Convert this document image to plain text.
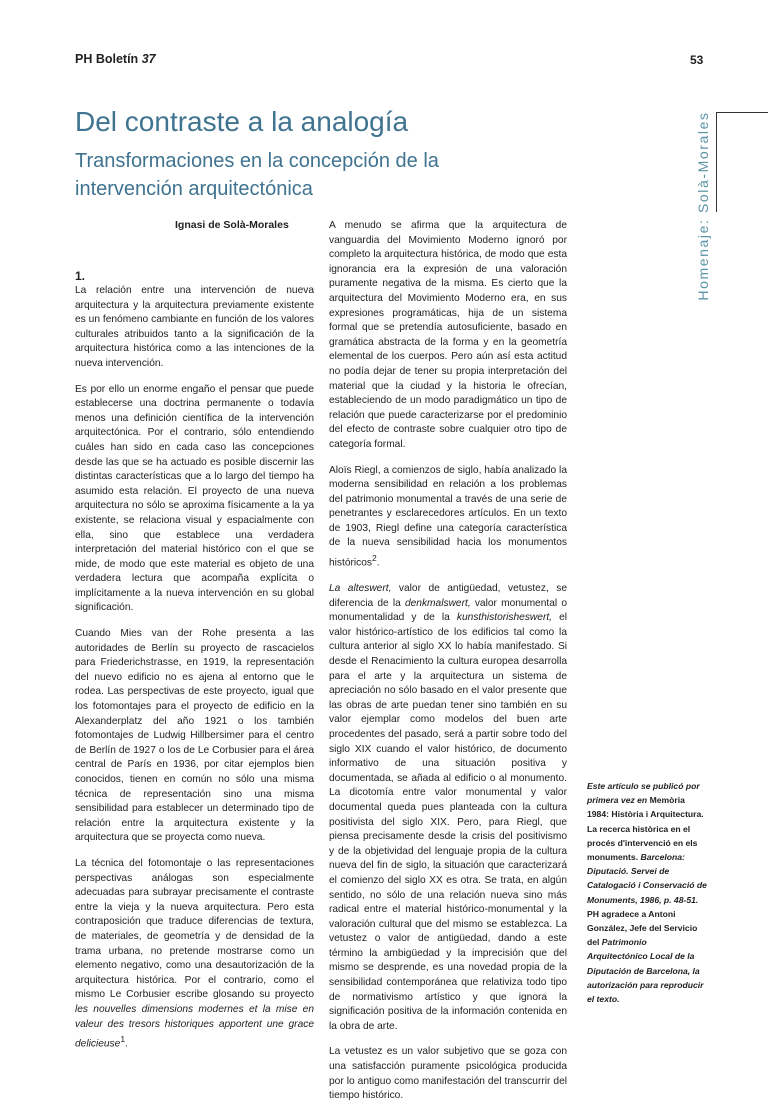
PH Boletín 37	53
Homenaje: Solà-Morales
Del contraste a la analogía
Transformaciones en la concepción de la intervención arquitectónica
Ignasi de Solà-Morales
1.

La relación entre una intervención de nueva arquitectura y la arquitectura previamente existente es un fenómeno cambiante en función de los valores culturales atribuidos tanto a la significación de la arquitectura histórica como a las intenciones de la nueva intervención.

Es por ello un enorme engaño el pensar que puede establecerse una doctrina permanente o todavía menos una definición científica de la intervención arquitectónica. Por el contrario, sólo entendiendo cuáles han sido en cada caso las concepciones desde las que se ha actuado es posible discernir las distintas características que a lo largo del tiempo ha asumido esta relación. El proyecto de una nueva arquitectura no sólo se aproxima físicamente a la ya existente, se relaciona visual y espacialmente con ella, sino que establece una verdadera interpretación del material histórico con el que se mide, de modo que este material es objeto de una verdadera lectura que acompaña explícita o implícitamente a la nueva intervención en su global significación.

Cuando Mies van der Rohe presenta a las autoridades de Berlín su proyecto de rascacielos para Friederichstrasse, en 1919, la representación del nuevo edificio no es ajena al entorno que le rodea. Las perspectivas de este proyecto, igual que los fotomontajes para el proyecto de edificio en la Alexanderplatz del año 1921 o los también fotomontajes de Ludwig Hillbersimer para el centro de Berlín de 1927 o los de Le Corbusier para el área central de París en 1936, por citar ejemplos bien conocidos, tienen en común no sólo una misma técnica de representación sino una misma sensibilidad para establecer un determinado tipo de relación entre la arquitectura existente y la arquitectura que se proyecta como nueva.

La técnica del fotomontaje o las representaciones perspectivas análogas son especialmente adecuadas para subrayar precisamente el contraste entre la vieja y la nueva arquitectura. Pero esta contraposición que traduce diferencias de textura, de materiales, de geometría y de densidad de la trama urbana, no pretende mostrarse como un elemento negativo, como una desautorización de la arquitectura histórica. Por el contrario, como el mismo Le Corbusier escribe glosando su proyecto les nouvelles dimensions modernes et la mise en valeur des tresors historiques apportent une grace delicieuse$^1$.

A menudo se afirma que la arquitectura de vanguardia del Movimiento Moderno ignoró por completo la arquitectura histórica, de modo que esta ignorancia era la expresión de una valoración puramente negativa de la misma. Es cierto que la arquitectura del Movimiento Moderno era, en sus expresiones programáticas, hija de un sistema formal que se pretendía autosuficiente, basado en gramática abstracta de la forma y en la geometría elemental de los cuerpos. Pero aún así esta actitud no podía dejar de tener su propia interpretación del material que la ciudad y la historia le ofrecían, estableciendo de un modo paradigmático un tipo de relación que puede caracterizarse por el predominio del efecto de contraste sobre cualquier otro tipo de categoría formal.

Aloïs Riegl, a comienzos de siglo, había analizado la moderna sensibilidad en relación a los problemas del patrimonio monumental a través de una serie de penetrantes y esclarecedores artículos. En un texto de 1903, Riegl define una categoría característica de la nueva sensibilidad hacia los monumentos históricos$^2$.

La alteswert, valor de antigüedad, vetustez, se diferencia de la denkmalswert, valor monumental o monumentalidad y de la kunsthistorisheswert, el valor histórico-artístico de los edificios tal como la cultura anterior al siglo XX lo había manifestado. Si desde el Renacimiento la cultura europea desarrolla para el arte y la arquitectura un sistema de apreciación no sólo basado en el valor presente que las obras de arte puedan tener sino también en su valor ejemplar como modelos del buen arte procedentes del pasado, será a partir sobre todo del siglo XIX cuando el valor histórico, de documento informativo de una situación positiva y documentada, se añada al edificio o al monumento. La dicotomía entre valor monumental y valor documental queda pues planteada con la cultura positivista del siglo XIX. Pero, para Riegl, que piensa precisamente desde la crisis del positivismo y de la objetividad del lenguaje propia de la cultura nueva del fin de siglo, la situación que caracterizará el comienzo del siglo XX es otra. Se trata, en algún sentido, no sólo de una relación nueva sino más radical entre el material histórico-monumental y la valoración cultural que del mismo se establezca. La vetustez o valor de antigüedad, dando a este término la ambigüedad y la imprecisión que del mismo se desprende, es una novedad propia de la sensibilidad contemporánea que relativiza todo tipo de normativismo artístico y que ignora la significación positiva de la información contenida en la obra de arte.

La vetustez es un valor subjetivo que se goza con una satisfacción puramente psicológica producida por lo antiguo como manifestación del transcurrir del tiempo histórico.

Este artículo se publicó por primera vez en Memòria 1984: Història i Arquitectura. La recerca històrica en el procés d'intervenció en els monuments. Barcelona: Diputació. Servei de Catalogació i Conservació de Monuments, 1986, p. 48-51. PH agradece a Antoni González, Jefe del Servicio del Patrimonio Arquitectónico Local de la Diputación de Barcelona, la autorización para reproducir el texto.
